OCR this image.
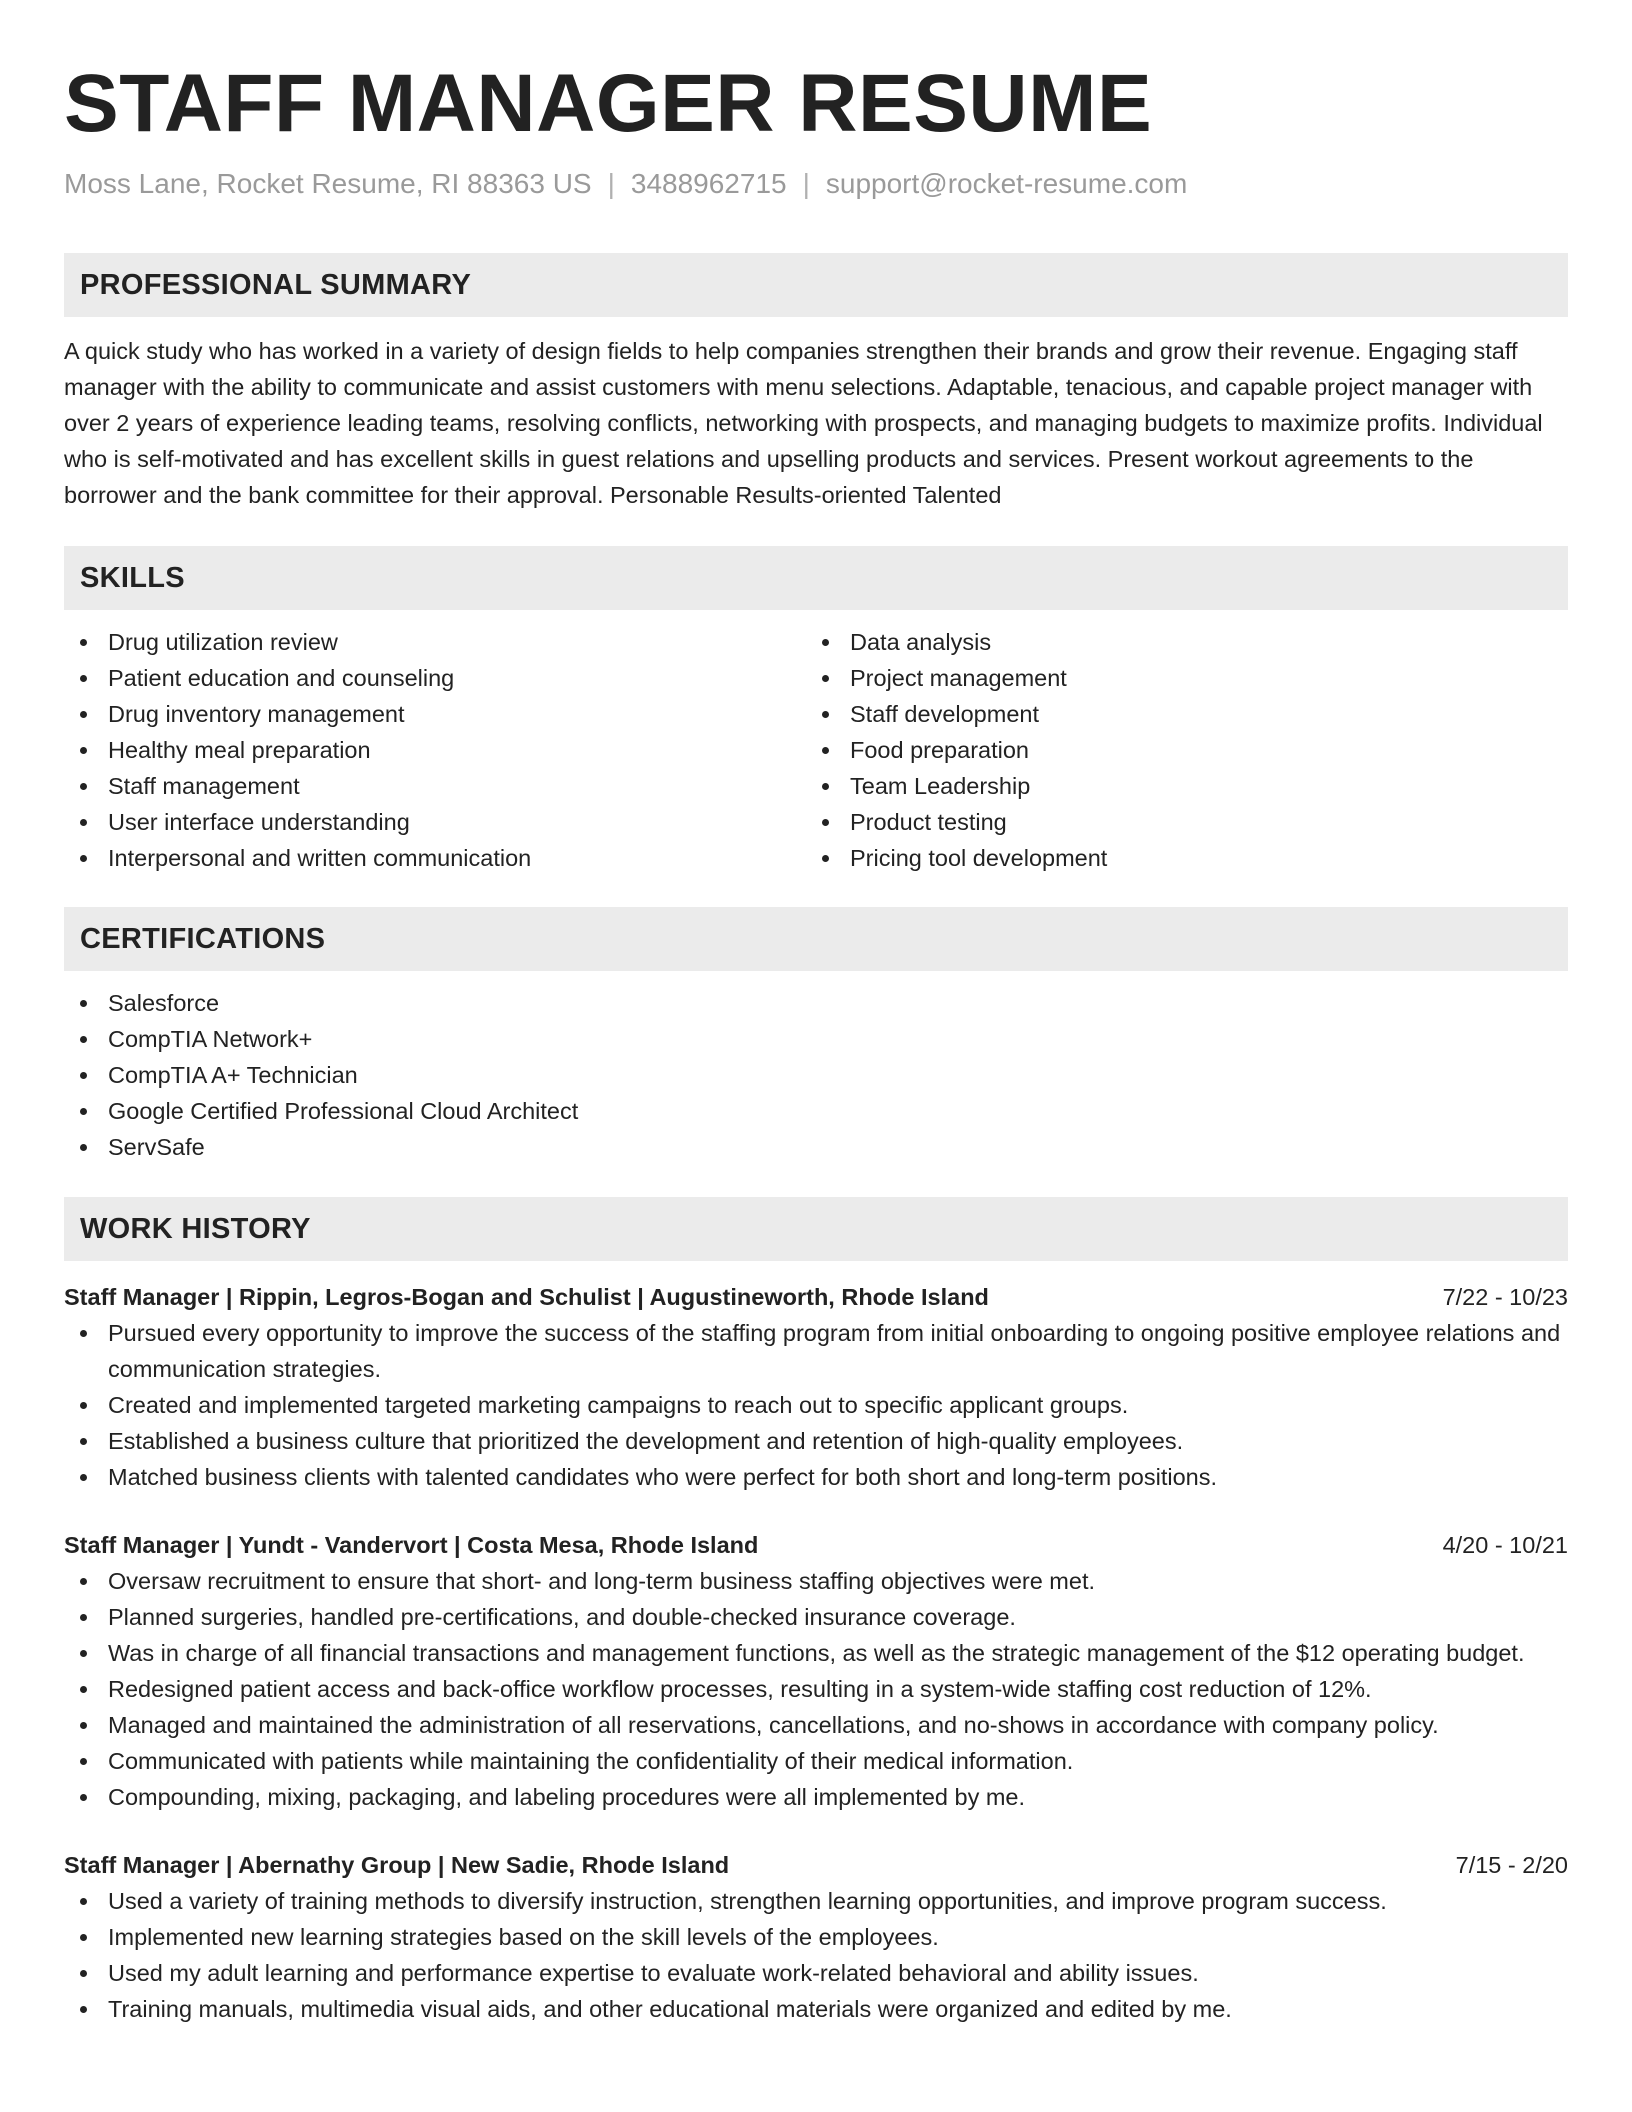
STAFF MANAGER RESUME
Moss Lane, Rocket Resume, RI 88363 US | 3488962715 | support@rocket-resume.com
PROFESSIONAL SUMMARY

A quick study who has worked in a variety of design fields to help companies strengthen their brands and grow their revenue. Engaging staff manager with the ability to communicate and assist customers with menu selections. Adaptable, tenacious, and capable project manager with over 2 years of experience leading teams, resolving conflicts, networking with prospects, and managing budgets to maximize profits. Individual who is self-motivated and has excellent skills in guest relations and upselling products and services. Present workout agreements to the borrower and the bank committee for their approval. Personable Results-oriented Talented

SKILLS
Drug utilization review
Patient education and counseling
Drug inventory management
Healthy meal preparation
Staff management
User interface understanding
Interpersonal and written communication
Data analysis
Project management
Staff development
Food preparation
Team Leadership
Product testing
Pricing tool development
CERTIFICATIONS
Salesforce
CompTIA Network+
CompTIA A+ Technician
Google Certified Professional Cloud Architect
ServSafe
WORK HISTORY
Staff Manager | Rippin, Legros-Bogan and Schulist | Augustineworth, Rhode Island	7/22 - 10/23
Pursued every opportunity to improve the success of the staffing program from initial onboarding to ongoing positive employee relations and communication strategies.
Created and implemented targeted marketing campaigns to reach out to specific applicant groups.
Established a business culture that prioritized the development and retention of high-quality employees.
Matched business clients with talented candidates who were perfect for both short and long-term positions.
Staff Manager | Yundt - Vandervort | Costa Mesa, Rhode Island	4/20 - 10/21
Oversaw recruitment to ensure that short- and long-term business staffing objectives were met.
Planned surgeries, handled pre-certifications, and double-checked insurance coverage.
Was in charge of all financial transactions and management functions, as well as the strategic management of the $12 operating budget.
Redesigned patient access and back-office workflow processes, resulting in a system-wide staffing cost reduction of 12%.
Managed and maintained the administration of all reservations, cancellations, and no-shows in accordance with company policy.
Communicated with patients while maintaining the confidentiality of their medical information.
Compounding, mixing, packaging, and labeling procedures were all implemented by me.
Staff Manager | Abernathy Group | New Sadie, Rhode Island	7/15 - 2/20
Used a variety of training methods to diversify instruction, strengthen learning opportunities, and improve program success.
Implemented new learning strategies based on the skill levels of the employees.
Used my adult learning and performance expertise to evaluate work-related behavioral and ability issues.
Training manuals, multimedia visual aids, and other educational materials were organized and edited by me.
